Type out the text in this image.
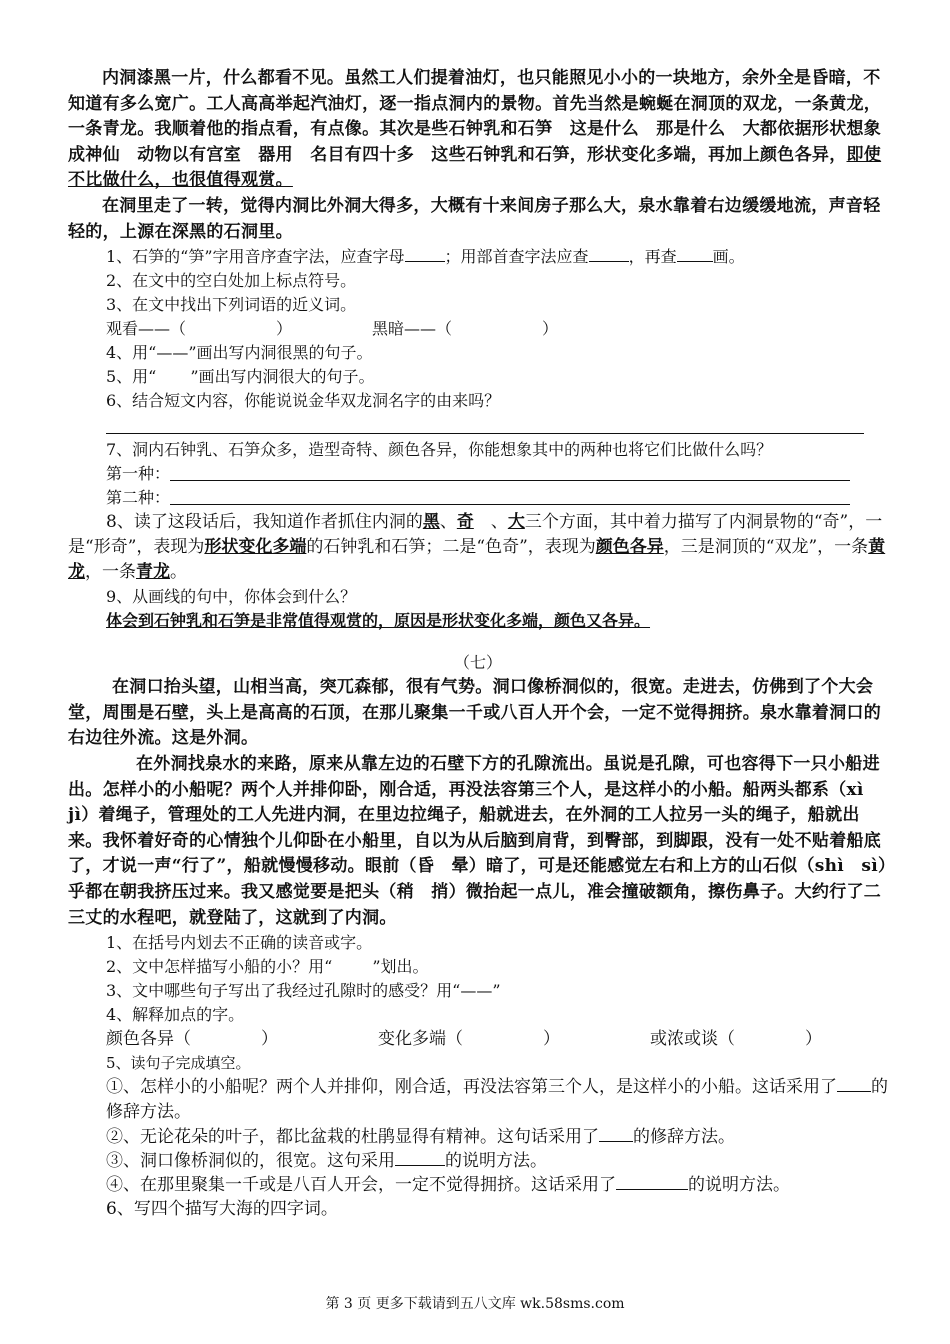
内洞漆黑一片，什么都看不见。虽然工人们提着油灯，也只能照见小小的一块地方，余外全是昏暗，不知道有多么宽广。工人高高举起汽油灯，逐一指点洞内的景物。首先当然是蜿蜒在洞顶的双龙，一条黄龙，一条青龙。我顺着他的指点看，有点像。其次是些石钟乳和石笋　这是什么　那是什么　大都依据形状想象成神仙　动物以有宫室　器用　名目有四十多　这些石钟乳和石笋，形状变化多端，再加上颜色各异，即使不比做什么，也很值得观赏。

在洞里走了一转，觉得内洞比外洞大得多，大概有十来间房子那么大，泉水靠着右边缓缓地流，声音轻轻的，上源在深黑的石洞里。

1、石笋的“笋”字用音序查字法，应查字母	；用部首查字法应查	，再查 画。

2、在文中的空白处加上标点符号。

3、在文中找出下列词语的近义词。

观看——（	）	黑暗——（	）

4、用“——”画出写内洞很黑的句子。

5、用“ ”画出写内洞很大的句子。

6、结合短文内容，你能说说金华双龙洞名字的由来吗？

7、洞内石钟乳、石笋众多，造型奇特、颜色各异，你能想象其中的两种也将它们比做什么吗？

第一种：

第二种：

8、读了这段话后，我知道作者抓住内洞的黑、奇　、大三个方面，其中着力描写了内洞景物的“奇”，一是“形奇”，表现为形状变化多端的石钟乳和石笋；二是“色奇”，表现为颜色各异，三是洞顶的“双龙”，一条黄龙，一条青龙。

9、从画线的句中，你体会到什么？

体会到石钟乳和石笋是非常值得观赏的，原因是形状变化多端，颜色又各异。

（七）

在洞口抬头望，山相当高，突兀森郁，很有气势。洞口像桥洞似的，很宽。走进去，仿佛到了个大会堂，周围是石壁，头上是高高的石顶，在那儿聚集一千或八百人开个会，一定不觉得拥挤。泉水靠着洞口的右边往外流。这是外洞。

在外洞找泉水的来路，原来从靠左边的石壁下方的孔隙流出。虽说是孔隙，可也容得下一只小船进出。怎样小的小船呢？两个人并排仰卧，刚合适，再没法容第三个人，是这样小的小船。船两头都系（xì　jì）着绳子，管理处的工人先进内洞，在里边拉绳子，船就进去，在外洞的工人拉另一头的绳子，船就出来。我怀着好奇的心情独个儿仰卧在小船里，自以为从后脑到肩背，到臀部，到脚跟，没有一处不贴着船底了，才说一声“行了”，船就慢慢移动。眼前（昏　晕）暗了，可是还能感觉左右和上方的山石似（shì　sì）乎都在朝我挤压过来。我又感觉要是把头（稍　捎）微抬起一点儿，准会撞破额角，擦伤鼻子。大约行了二三丈的水程吧，就登陆了，这就到了内洞。

1、在括号内划去不正确的读音或字。

2、文中怎样描写小船的小？用“	”划出。

3、文中哪些句子写出了我经过孔隙时的感受？用“——”

4、解释加点的字。

颜色各异（	）	变化多端（	）	或浓或谈（	）

5、读句子完成填空。

①、怎样小的小船呢？两个人并排仰，刚合适，再没法容第三个人，是这样小的小船。这话采用了 的修辞方法。

②、无论花朵的叶子，都比盆栽的杜鹃显得有精神。这句话采用了 的修辞方法。

③、洞口像桥洞似的，很宽。这句采用	的说明方法。

④、在那里聚集一千或是八百人开会，一定不觉得拥挤。这话采用了	的说明方法。

6、写四个描写大海的四字词。

第 3 页 更多下载请到五八文库 wk.58sms.com
